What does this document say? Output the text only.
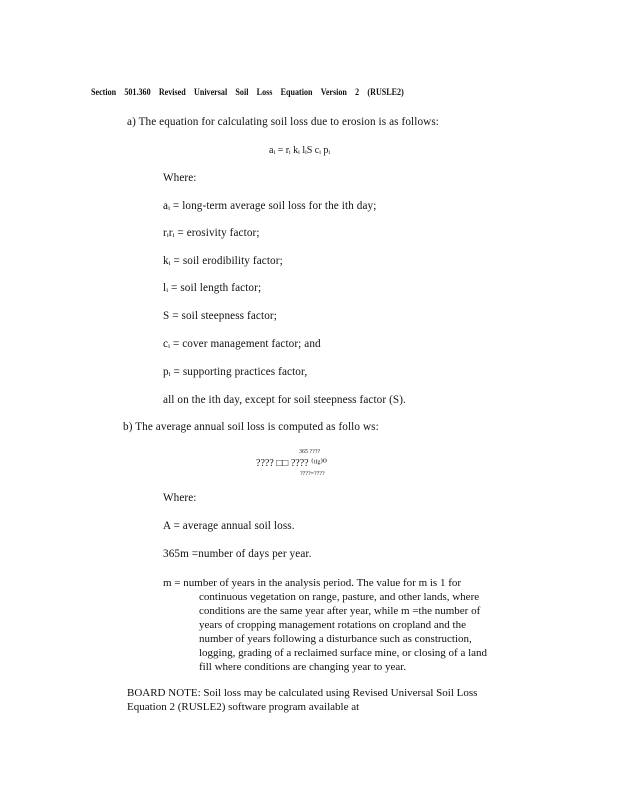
Section 501.360 Revised Universal Soil Loss Equation Version 2 (RUSLE2)
a) The equation for calculating soil loss due to erosion is as follows:
aᵢ = rᵢ kᵢ lᵢS cᵢ pᵢ
Where:
aᵢ = long-term average soil loss for the ith day;
rᵢrᵢ = erosivity factor;
kᵢ = soil erodibility factor;
lᵢ = soil length factor;
S = soil steepness factor;
cᵢ = cover management factor; and
pᵢ = supporting practices factor,
all on the ith day, except for soil steepness factor (S).
b) The average annual soil loss is computed as follo ws:
365 ????
???? □□ ???? ⁽ᵗᴵᵍ⁾⁰
????=????
Where:
A = average annual soil loss.
365m =number of days per year.
m = number of years in the analysis period. The value for m is 1 for
continuous vegetation on range, pasture, and other lands, where
conditions are the same year after year, while m =the number of
years of cropping management rotations on cropland and the
number of years following a disturbance such as construction,
logging, grading of a reclaimed surface mine, or closing of a land
fill where conditions are changing year to year.
BOARD NOTE: Soil loss may be calculated using Revised Universal Soil Loss
Equation 2 (RUSLE2) software program available at
